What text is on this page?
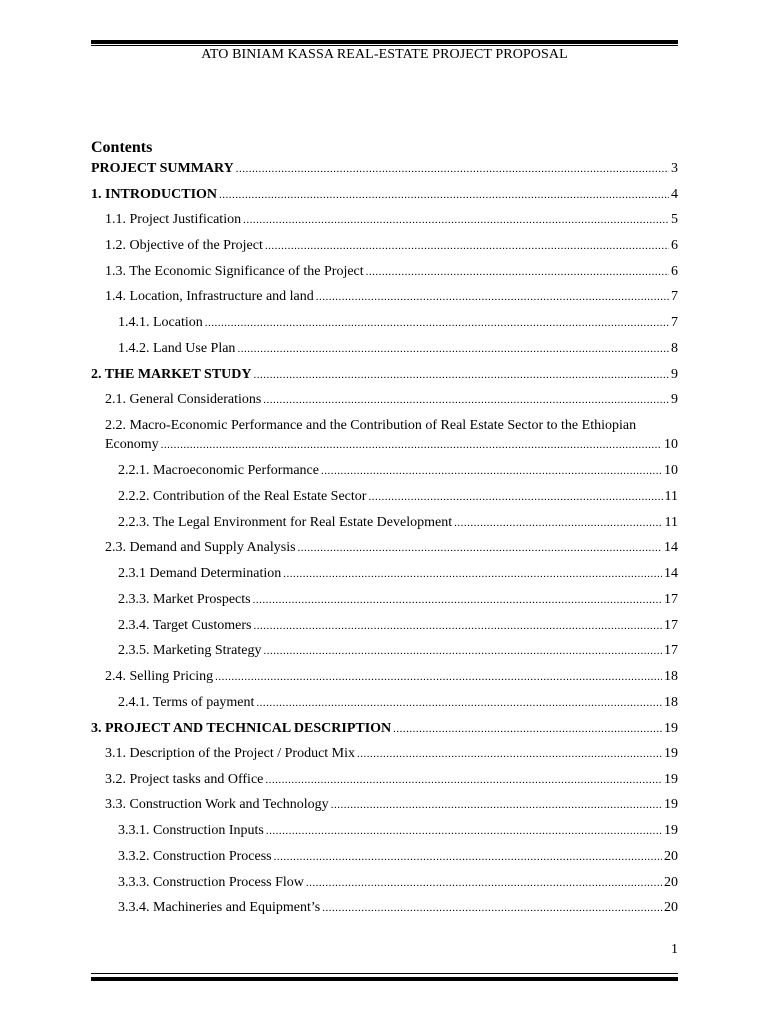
ATO BINIAM KASSA REAL-ESTATE PROJECT PROPOSAL
Contents
PROJECT SUMMARY .....	3
1. INTRODUCTION .....	4
1.1. Project Justification .....	5
1.2. Objective of the Project .....	6
1.3. The Economic Significance of the Project .....	6
1.4. Location, Infrastructure and land .....	7
1.4.1. Location .....	7
1.4.2. Land Use Plan .....	8
2. THE MARKET STUDY .....	9
2.1. General Considerations .....	9
2.2. Macro-Economic Performance and the Contribution of Real Estate Sector to the Ethiopian
Economy .....	10
2.2.1. Macroeconomic Performance .....	10
2.2.2. Contribution of the Real Estate Sector .....	11
2.2.3. The Legal Environment for Real Estate Development .....	11
2.3. Demand and Supply Analysis .....	14
2.3.1 Demand Determination .....	14
2.3.3. Market Prospects .....	17
2.3.4. Target Customers .....	17
2.3.5. Marketing Strategy .....	17
2.4. Selling Pricing .....	18
2.4.1. Terms of payment .....	18
3. PROJECT AND TECHNICAL DESCRIPTION .....	19
3.1. Description of the Project / Product Mix .....	19
3.2. Project tasks and Office .....	19
3.3. Construction Work and Technology .....	19
3.3.1. Construction Inputs .....	19
3.3.2. Construction Process .....	20
3.3.3. Construction Process Flow .....	20
3.3.4. Machineries and Equipment’s .....	20
1
